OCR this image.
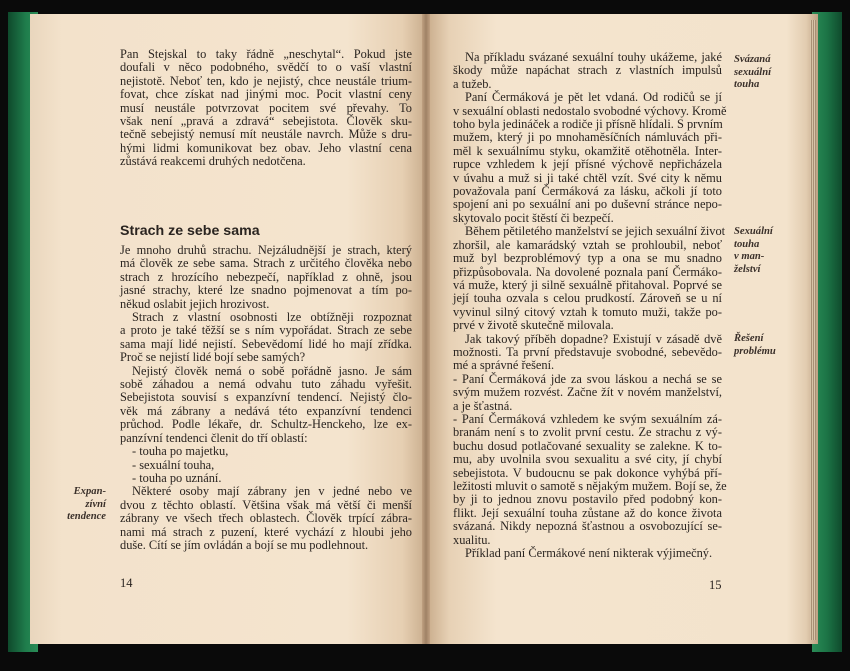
Pan Stejskal to taky řádně „neschytal“. Pokud jste
doufali v něco podobného, svědčí to o vaší vlastní
nejistotě. Neboť ten, kdo je nejistý, chce neustále trium-
fovat, chce získat nad jinými moc. Pocit vlastní ceny
musí neustále potvrzovat pocitem své převahy. To
však není „pravá a zdravá“ sebejistota. Člověk sku-
tečně sebejistý nemusí mít neustále navrch. Může s dru-
hými lidmi komunikovat bez obav. Jeho vlastní cena
zůstává reakcemi druhých nedotčena.
Strach ze sebe sama
Je mnoho druhů strachu. Nejzáludnější je strach, který
má člověk ze sebe sama. Strach z určitého člověka nebo
strach z hrozícího nebezpečí, například z ohně, jsou
jasné strachy, které lze snadno pojmenovat a tím po-
někud oslabit jejich hrozivost.
Strach z vlastní osobnosti lze obtížněji rozpoznat
a proto je také těžší se s ním vypořádat. Strach ze sebe
sama mají lidé nejistí. Sebevědomí lidé ho mají zřídka.
Proč se nejistí lidé bojí sebe samých?
Nejistý člověk nemá o sobě pořádně jasno. Je sám
sobě záhadou a nemá odvahu tuto záhadu vyřešit.
Sebejistota souvisí s expanzívní tendencí. Nejistý člo-
věk má zábrany a nedává této expanzívní tendenci
průchod. Podle lékaře, dr. Schultz-Henckeho, lze ex-
panzívní tendenci členit do tří oblastí:
- touha po majetku,
- sexuální touha,
- touha po uznání.
Některé osoby mají zábrany jen v jedné nebo ve
dvou z těchto oblastí. Většina však má větší či menší
zábrany ve všech třech oblastech. Člověk trpící zábra-
nami má strach z puzení, které vychází z hloubi jeho
duše. Cítí se jím ovládán a bojí se mu podlehnout.
Expan-
zívní
tendence
14
Na příkladu svázané sexuální touhy ukážeme, jaké
škody může napáchat strach z vlastních impulsů
a tužeb.
Paní Čermáková je pět let vdaná. Od rodičů se jí
v sexuální oblasti nedostalo svobodné výchovy. Kromě
toho byla jedináček a rodiče ji přísně hlídali. S prvním
mužem, který ji po mnohaměsíčních námluvách při-
měl k sexuálnímu styku, okamžitě otěhotněla. Inter-
rupce vzhledem k její přísné výchově nepřicházela
v úvahu a muž si ji také chtěl vzít. Své city k němu
považovala paní Čermáková za lásku, ačkoli jí toto
spojení ani po sexuální ani po duševní stránce nepo-
skytovalo pocit štěstí či bezpečí.
Během pětiletého manželství se jejich sexuální život
zhoršil, ale kamarádský vztah se prohloubil, neboť
muž byl bezproblémový typ a ona se mu snadno
přizpůsobovala. Na dovolené poznala paní Čermáko-
vá muže, který ji silně sexuálně přitahoval. Poprvé se
její touha ozvala s celou prudkostí. Zároveň se u ní
vyvinul silný citový vztah k tomuto muži, takže po-
prvé v životě skutečně milovala.
Jak takový příběh dopadne? Existují v zásadě dvě
možnosti. Ta první představuje svobodné, sebevědo-
mé a správné řešení.
- Paní Čermáková jde za svou láskou a nechá se se
svým mužem rozvést. Začne žít v novém manželství,
a je šťastná.
- Paní Čermáková vzhledem ke svým sexuálním zá-
branám není s to zvolit první cestu. Ze strachu z vý-
buchu dosud potlačované sexuality se zalekne. K to-
mu, aby uvolnila svou sexualitu a své city, jí chybí
sebejistota. V budoucnu se pak dokonce vyhýbá pří-
ležitosti mluvit o samotě s nějakým mužem. Bojí se, že
by ji to jednou znovu postavilo před podobný kon-
flikt. Její sexuální touha zůstane až do konce života
svázaná. Nikdy nepozná šťastnou a osvobozující se-
xualitu.
Příklad paní Čermákové není nikterak výjimečný.
Svázaná
sexuální
touha
Sexuální
touha
v man-
želství
Řešení
problému
15
